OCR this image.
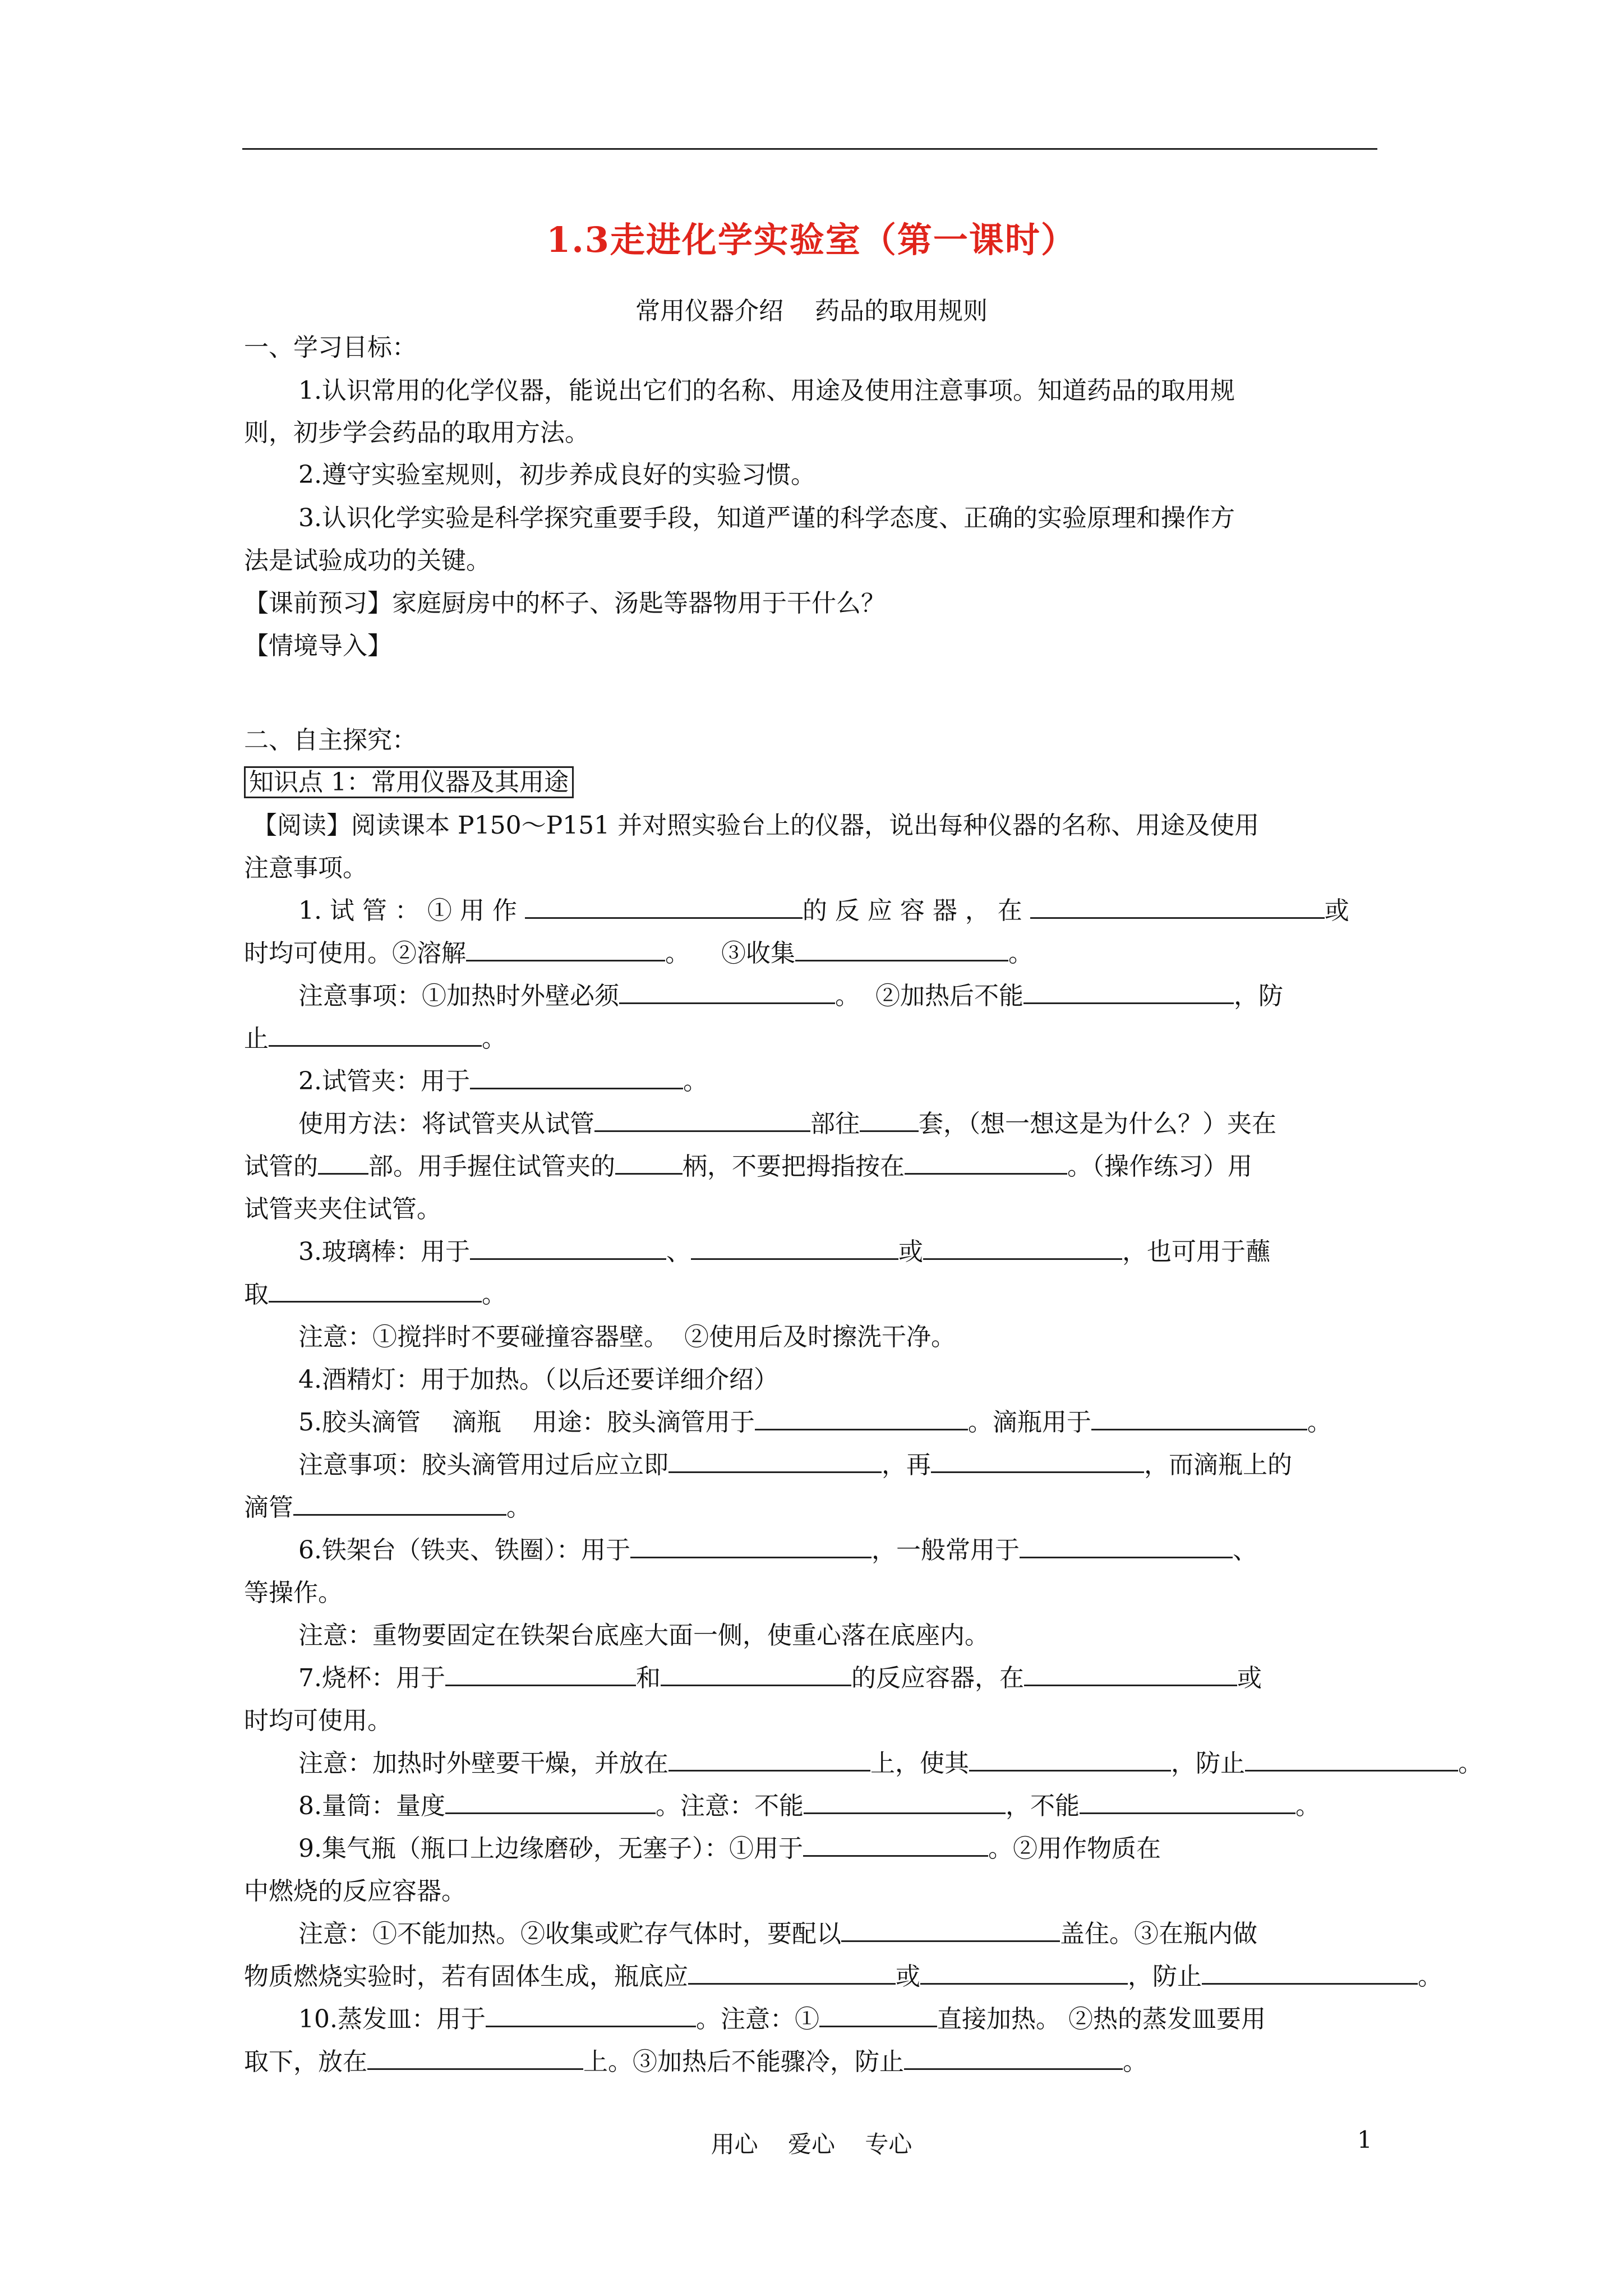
1.3走进化学实验室（第一课时）
常用仪器介绍    药品的取用规则
一、学习目标：
1.认识常用的化学仪器，能说出它们的名称、用途及使用注意事项。知道药品的取用规
则，初步学会药品的取用方法。
2.遵守实验室规则，初步养成良好的实验习惯。
3.认识化学实验是科学探究重要手段，知道严谨的科学态度、正确的实验原理和操作方
法是试验成功的关键。
【课前预习】家庭厨房中的杯子、汤匙等器物用于干什么？
【情境导入】
二、自主探究：
知识点 1：常用仪器及其用途
【阅读】阅读课本 P150～P151 并对照实验台上的仪器，说出每种仪器的名称、用途及使用
注意事项。
1. 试 管 ： ① 用 作	的 反 应 容 器 ， 在	或
时均可使用。②溶解	。    ③收集	。
注意事项：①加热时外壁必须	。  ②加热后不能	，防
止	。
2.试管夹：用于	。
使用方法：将试管夹从试管	部往 套，（想一想这是为什么？）夹在
试管的 部。用手握住试管夹的	柄，不要把拇指按在	。（操作练习）用
试管夹夹住试管。
3.玻璃棒：用于	、	或	，也可用于蘸
取	。
注意：①搅拌时不要碰撞容器壁。  ②使用后及时擦洗干净。
4.酒精灯：用于加热。（以后还要详细介绍）
5.胶头滴管    滴瓶    用途：胶头滴管用于	。滴瓶用于	。
注意事项：胶头滴管用过后应立即	，再	，而滴瓶上的
滴管	。
6.铁架台（铁夹、铁圈）：用于	，一般常用于	、
等操作。
注意：重物要固定在铁架台底座大面一侧，使重心落在底座内。
7.烧杯：用于	和	的反应容器，在	或
时均可使用。
注意：加热时外壁要干燥，并放在	上，使其	，防止	。
8.量筒：量度	。注意：不能	，不能	。
9.集气瓶（瓶口上边缘磨砂，无塞子）：①用于	。②用作物质在
中燃烧的反应容器。
注意：①不能加热。②收集或贮存气体时，要配以	盖住。③在瓶内做
物质燃烧实验时，若有固体生成，瓶底应	或	，防止	。
10.蒸发皿：用于	。注意：①	直接加热。 ②热的蒸发皿要用
取下，放在	上。③加热后不能骤冷，防止	。
用心    爱心    专心	1
